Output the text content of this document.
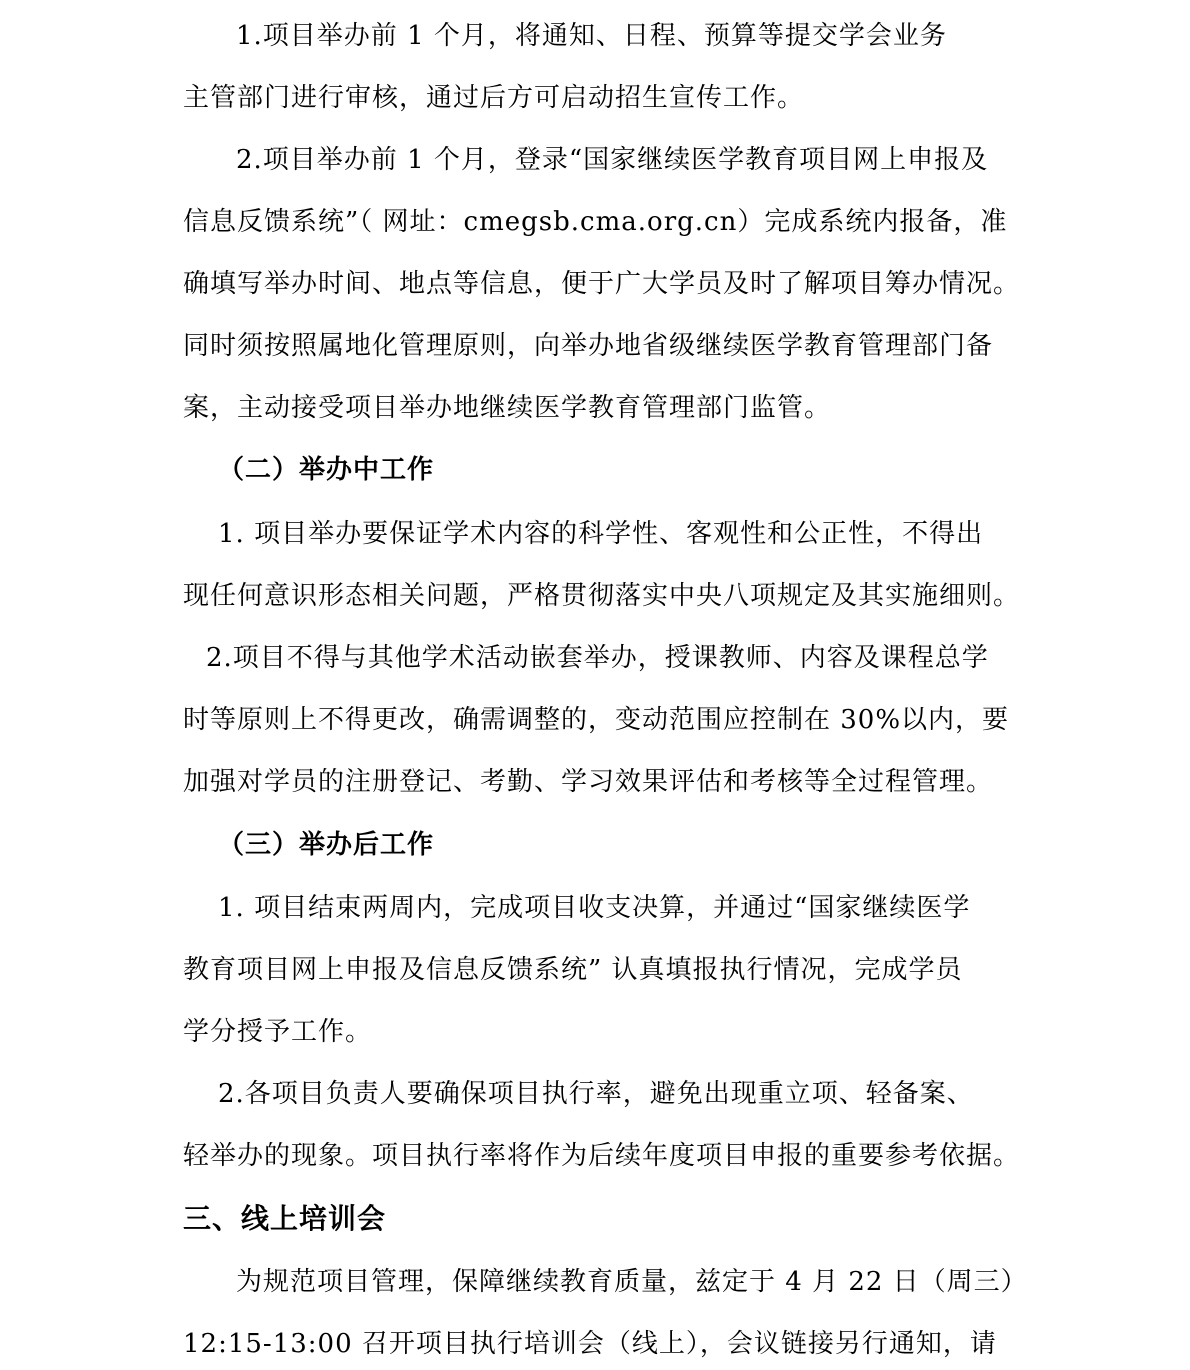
1.项目举办前 1 个月，将通知、日程、预算等提交学会业务
主管部门进行审核，通过后方可启动招生宣传工作。
2.项目举办前 1 个月，登录“国家继续医学教育项目网上申报及
信息反馈系统”（ 网址：cmegsb.cma.org.cn）完成系统内报备，准
确填写举办时间、地点等信息，便于广大学员及时了解项目筹办情况。
同时须按照属地化管理原则，向举办地省级继续医学教育管理部门备
案，主动接受项目举办地继续医学教育管理部门监管。
（二）举办中工作
1. 项目举办要保证学术内容的科学性、客观性和公正性，不得出
现任何意识形态相关问题，严格贯彻落实中央八项规定及其实施细则。
2.项目不得与其他学术活动嵌套举办，授课教师、内容及课程总学
时等原则上不得更改，确需调整的，变动范围应控制在 30%以内，要
加强对学员的注册登记、考勤、学习效果评估和考核等全过程管理。
（三）举办后工作
1. 项目结束两周内，完成项目收支决算，并通过“国家继续医学
教育项目网上申报及信息反馈系统” 认真填报执行情况，完成学员
学分授予工作。
2.各项目负责人要确保项目执行率，避免出现重立项、轻备案、
轻举办的现象。项目执行率将作为后续年度项目申报的重要参考依据。
三、线上培训会
为规范项目管理，保障继续教育质量，兹定于 4 月 22 日（周三）
12:15-13:00 召开项目执行培训会（线上），会议链接另行通知，请
